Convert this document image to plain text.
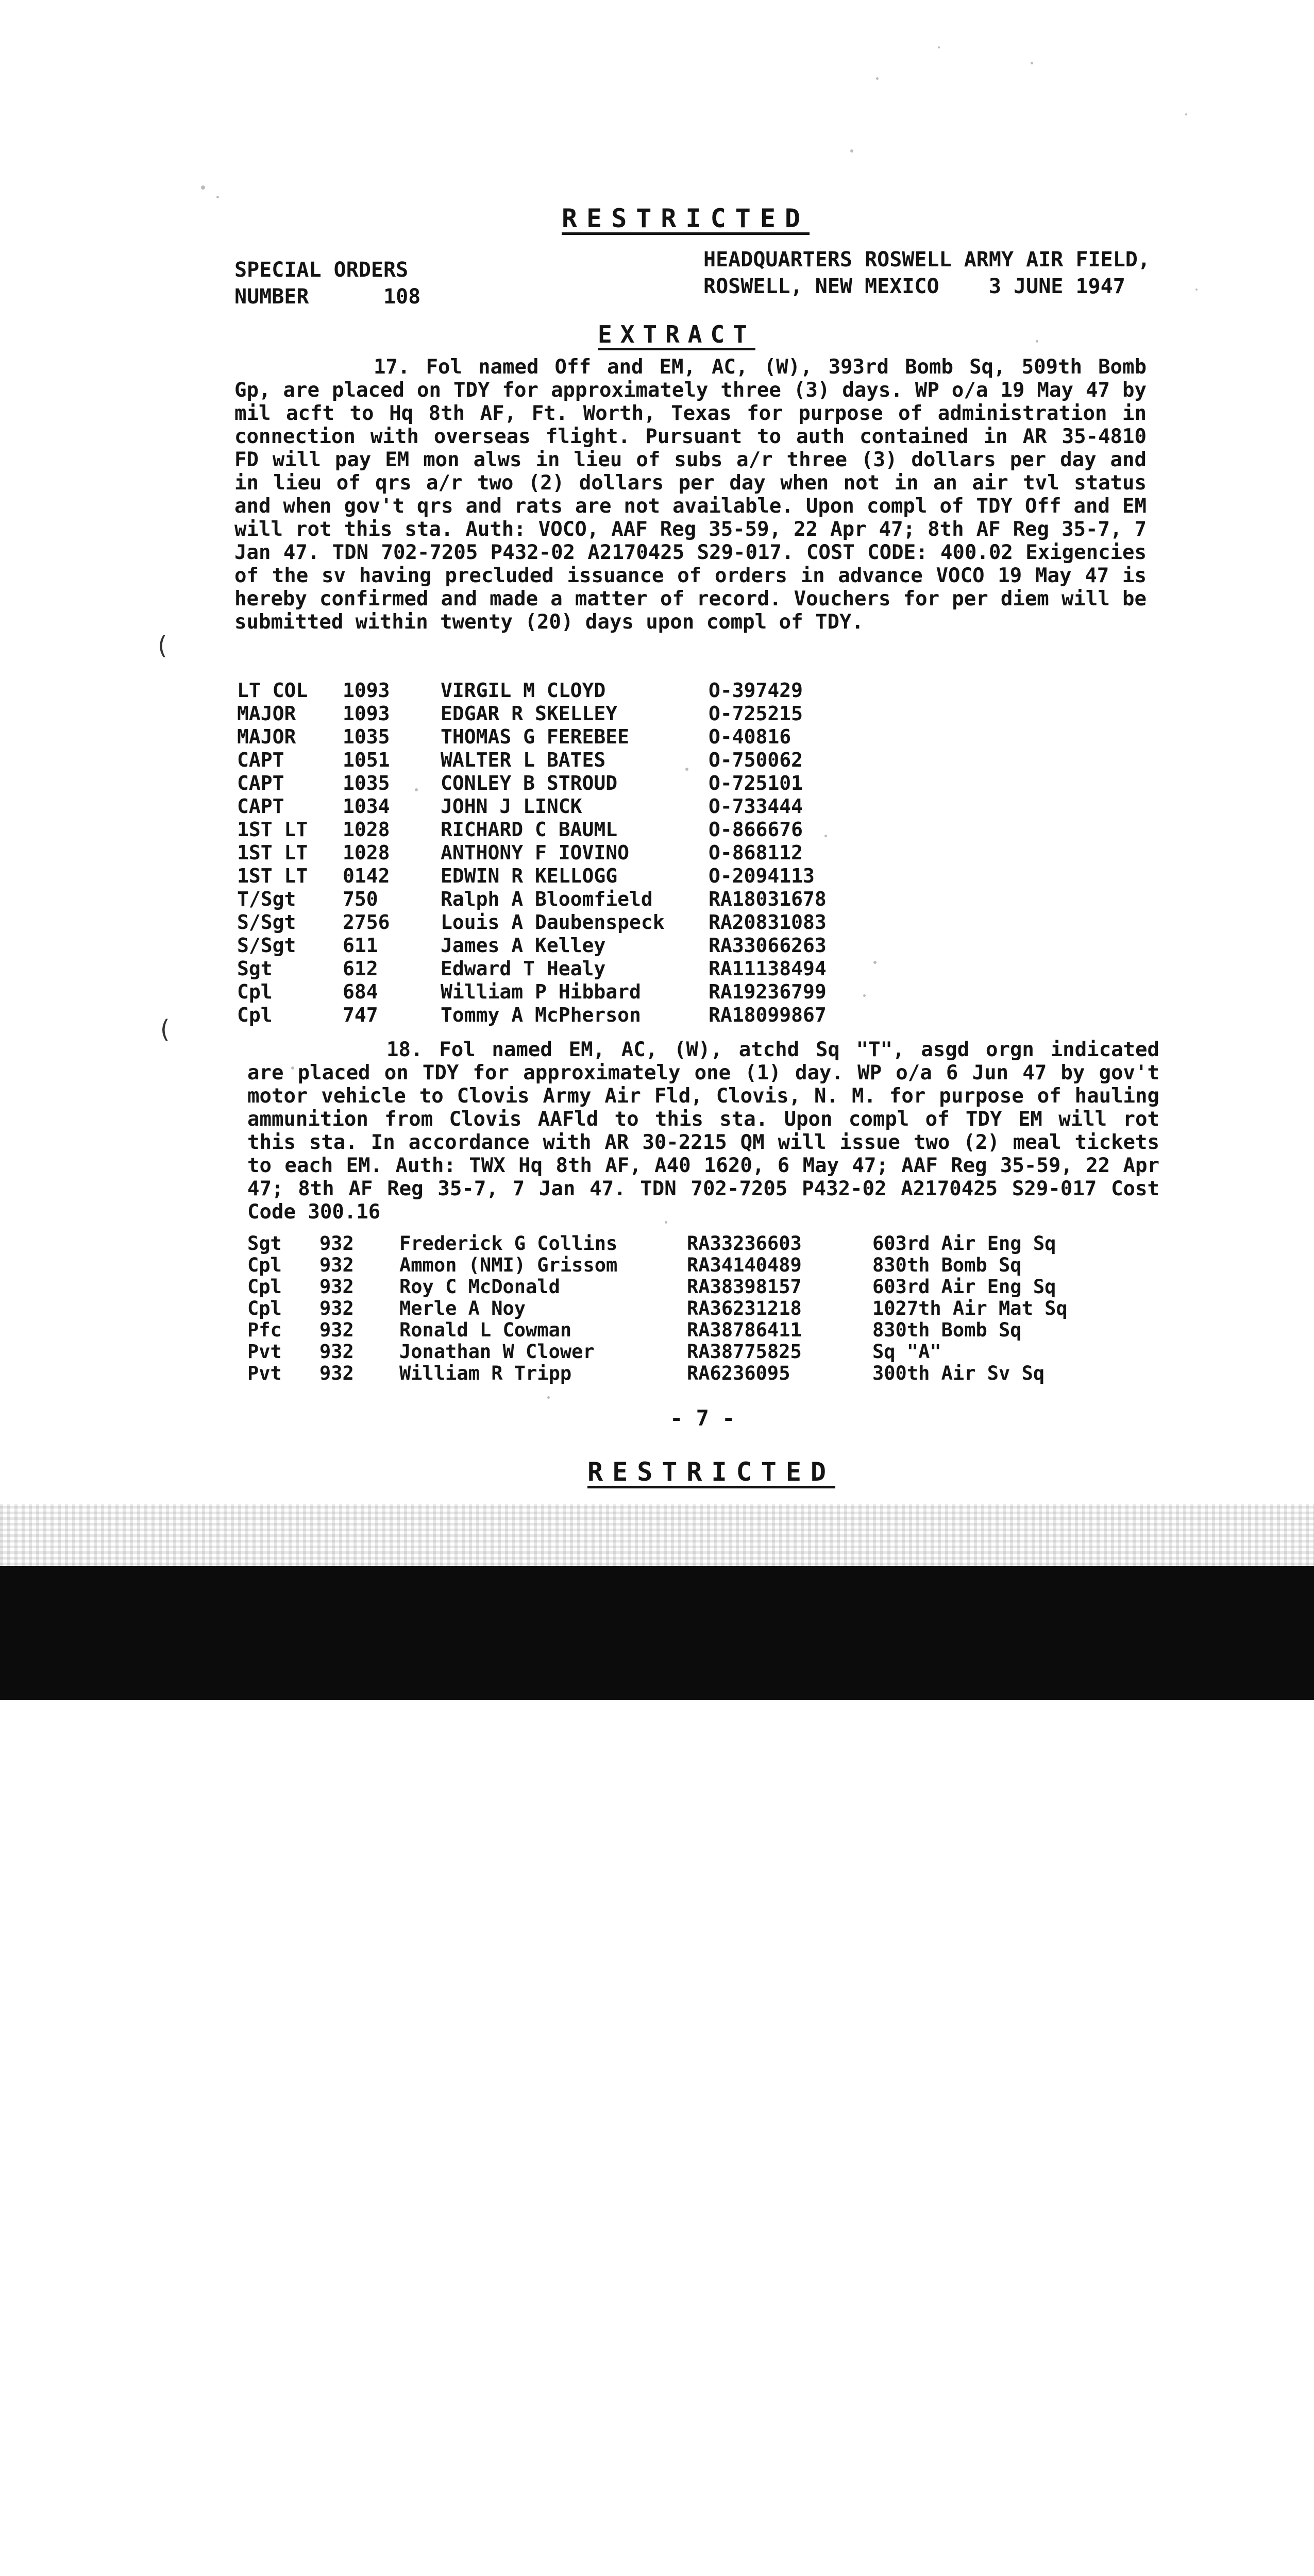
(
(
RESTRICTED
SPECIAL ORDERS
NUMBER	108
HEADQUARTERS ROSWELL ARMY AIR FIELD,
ROSWELL, NEW MEXICO 3 JUNE 1947
EXTRACT
17. Fol named Off and EM, AC, (W), 393rd Bomb Sq, 509th Bomb Gp, are placed on TDY for approximately three (3) days. WP o/a 19 May 47 by mil acft to Hq 8th AF, Ft. Worth, Texas for purpose of administration in connection with overseas flight. Pursuant to auth contained in AR 35-4810 FD will pay EM mon alws in lieu of subs a/r three (3) dollars per day and in lieu of qrs a/r two (2) dollars per day when not in an air tvl status and when gov't qrs and rats are not available. Upon compl of TDY Off and EM will rot this sta. Auth: VOCO, AAF Reg 35-59, 22 Apr 47; 8th AF Reg 35-7, 7 Jan 47. TDN 702-7205 P432-02 A2170425 S29-017. COST CODE: 400.02 Exigencies of the sv having precluded issuance of orders in advance VOCO 19 May 47 is hereby confirmed and made a matter of record. Vouchers for per diem will be submitted within twenty (20) days upon compl of TDY.
LT COL 1093	VIRGIL M CLOYD	O-397429
MAJOR 1093	EDGAR R SKELLEY	O-725215
MAJOR 1035	THOMAS G FEREBEE	O-40816
CAPT	1051	WALTER L BATES	O-750062
CAPT	1035	CONLEY B STROUD	O-725101
CAPT	1034	JOHN J LINCK	O-733444
1ST LT 1028	RICHARD C BAUML	O-866676
1ST LT 1028	ANTHONY F IOVINO	O-868112
1ST LT 0142	EDWIN R KELLOGG	O-2094113
T/Sgt 750	Ralph A Bloomfield	RA18031678
S/Sgt 2756	Louis A Daubenspeck RA20831083
S/Sgt 611	James A Kelley	RA33066263
Sgt	612	Edward T Healy	RA11138494
Cpl	684	William P Hibbard	RA19236799
Cpl	747	Tommy A McPherson	RA18099867
18. Fol named EM, AC, (W), atchd Sq "T", asgd orgn indicated are placed on TDY for approximately one (1) day. WP o/a 6 Jun 47 by gov't motor vehicle to Clovis Army Air Fld, Clovis, N. M. for purpose of hauling ammunition from Clovis AAFld to this sta. Upon compl of TDY EM will rot this sta. In accordance with AR 30-2215 QM will issue two (2) meal tickets to each EM. Auth: TWX Hq 8th AF, A40 1620, 6 May 47; AAF Reg 35-59, 22 Apr 47; 8th AF Reg 35-7, 7 Jan 47. TDN 702-7205 P432-02 A2170425 S29-017 Cost Code 300.16
Sgt 932 Frederick G Collins	RA33236603	603rd Air Eng Sq
Cpl 932 Ammon (NMI) Grissom	RA34140489	830th Bomb Sq
Cpl 932 Roy C McDonald	RA38398157	603rd Air Eng Sq
Cpl 932 Merle A Noy	RA36231218	1027th Air Mat Sq
Pfc 932 Ronald L Cowman	RA38786411	830th Bomb Sq
Pvt 932 Jonathan W Clower	RA38775825	Sq "A"
Pvt 932 William R Tripp	RA6236095	300th Air Sv Sq
- 7 -
RESTRICTED
